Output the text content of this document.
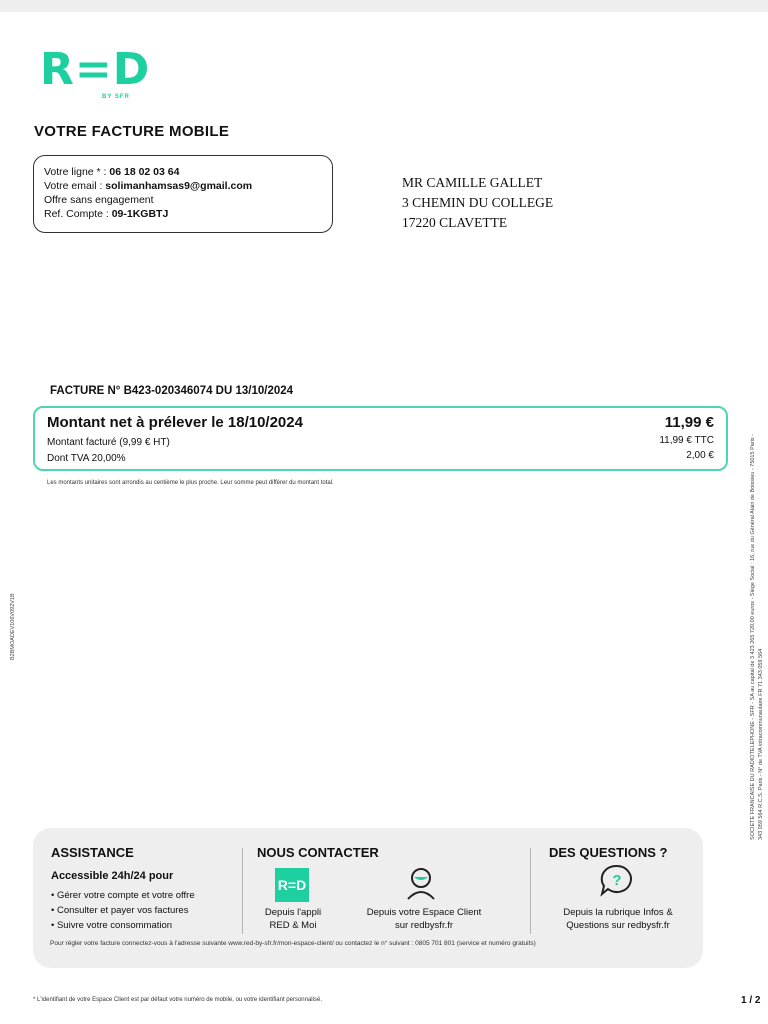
R=D
BY SFR
VOTRE FACTURE MOBILE
Votre ligne * : 06 18 02 03 64
Votre email : solimanhamsas9@gmail.com
Offre sans engagement
Ref. Compte : 09-1KGBTJ
MR CAMILLE GALLET
3 CHEMIN DU COLLEGE
17220 CLAVETTE
FACTURE N° B423-020346074 DU 13/10/2024
Montant net à prélever le 18/10/2024	11,99 €
Montant facturé (9,99 € HT)	11,99 € TTC
Dont TVA 20,00%	2,00 €
Les montants unitaires sont arrondis au centième le plus proche. Leur somme peut différer du montant total.
B2BMOADEV106V092V1B	SOCIETE FRANCAISE DU RADIOTELEPHONE - SFR - SA au capital de 3 423 265 720,00 euros - Siège Social : 16, rue du Général Alain de Boissieu - 75015 Paris - 343 059 564 R.C.S. Paris - N° de TVA intracommunautaire FR 71 343 059 564
ASSISTANCE
Accessible 24h/24 pour
• Gérer votre compte et votre offre
• Consulter et payer vos factures
• Suivre votre consommation
NOUS CONTACTER
R=D
Depuis l'appli
RED & Moi
Depuis votre Espace Client
sur redbysfr.fr
DES QUESTIONS ?
?
Depuis la rubrique Infos &
Questions sur redbysfr.fr
Pour régler votre facture connectez-vous à l'adresse suivante www.red-by-sfr.fr/mon-espace-client/ ou contactez le n° suivant : 0805 701 801 (service et numéro gratuits)
* L'identifiant de votre Espace Client est par défaut votre numéro de mobile, ou votre identifiant personnalisé.	1 / 2
